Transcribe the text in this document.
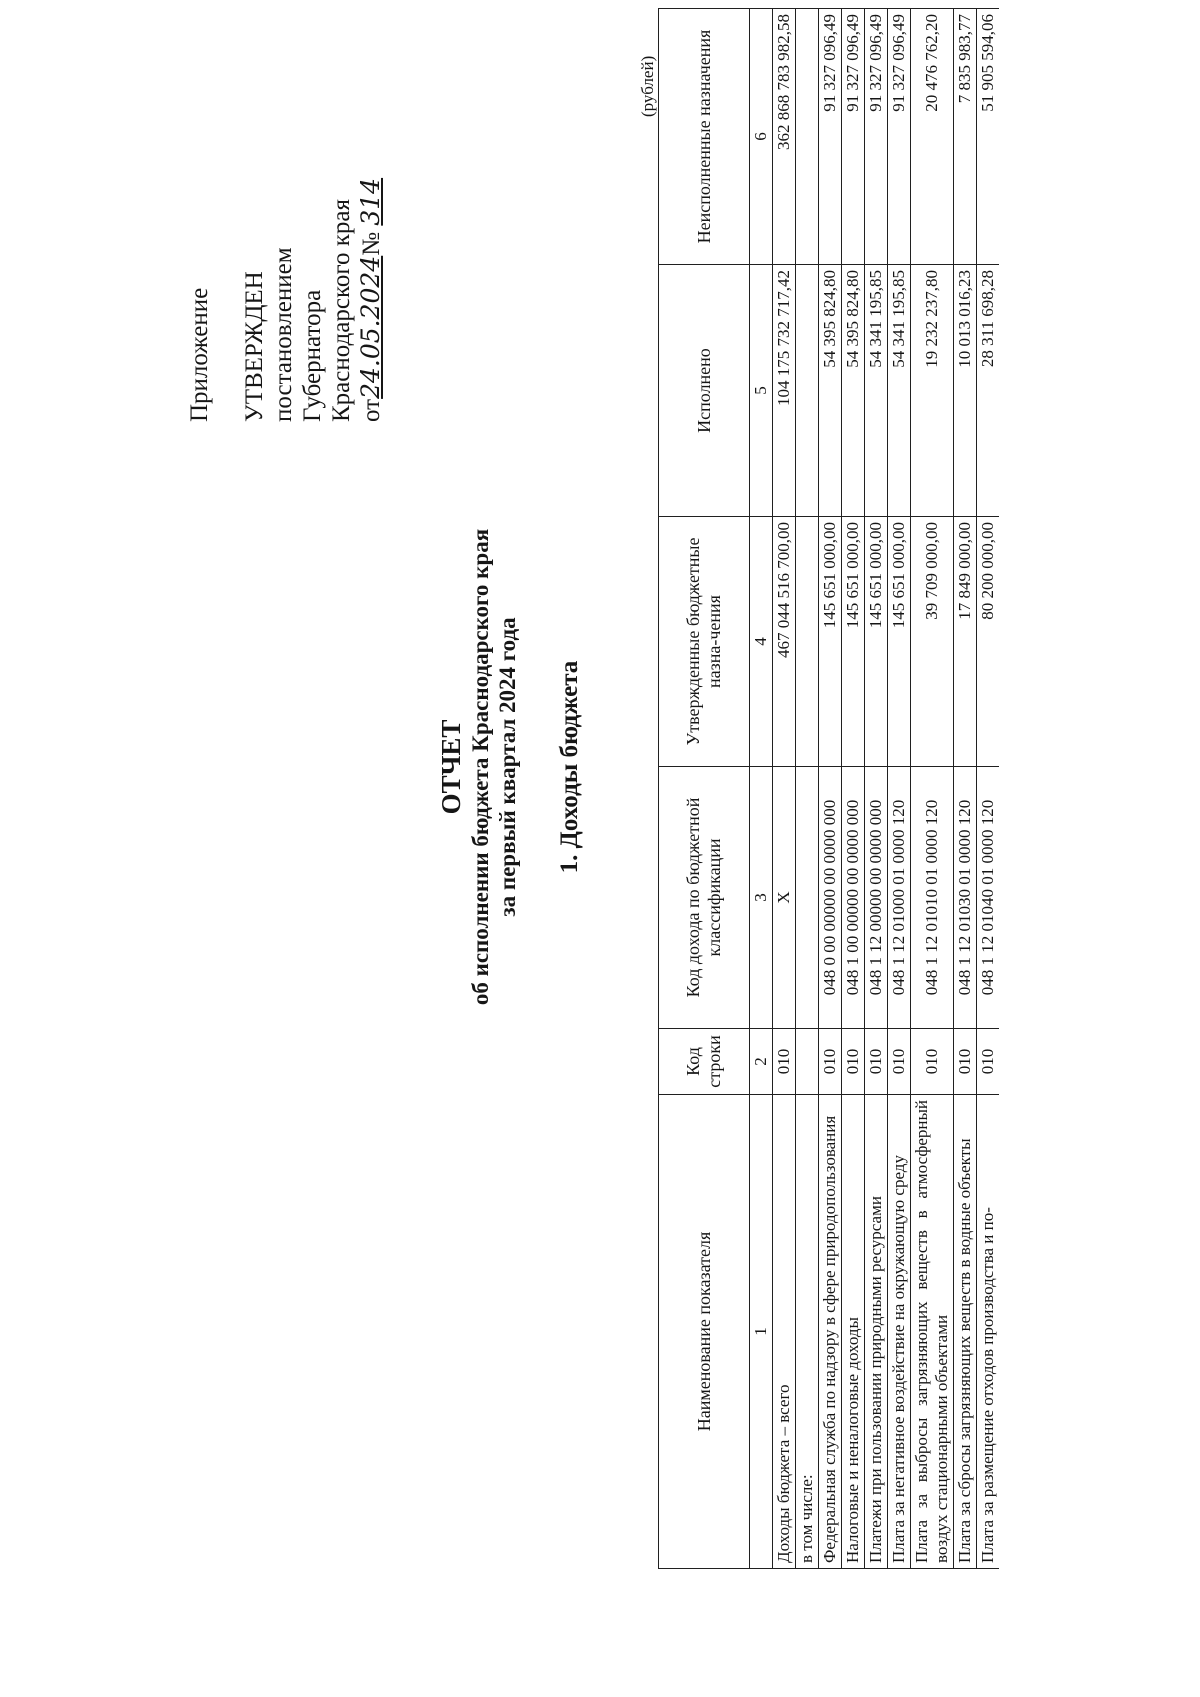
Приложение УТВЕРЖДЕН постановлением Губернатора Краснодарского края от24.05.2024№ 314
ОТЧЕТ об исполнении бюджета Краснодарского края за первый квартал 2024 года 1. Доходы бюджета
(рублей)
Наименование показателя	Код строки	Код дохода по бюджетной классификации	Утвержденные бюджетные назна-чения	Исполнено	Неисполненные назначения
1	2	3	4	5	6
Доходы бюджета – всего	010	X	467 044 516 700,00	104 175 732 717,42	362 868 783 982,58
в том числе:					
Федеральная служба по надзору в сфере природопользования	010	048 0 00 00000 00 0000 000	145 651 000,00	54 395 824,80	91 327 096,49
Налоговые и неналоговые доходы	010	048 1 00 00000 00 0000 000	145 651 000,00	54 395 824,80	91 327 096,49
Платежи при пользовании природными ресурсами	010	048 1 12 00000 00 0000 000	145 651 000,00	54 341 195,85	91 327 096,49
Плата за негативное воздействие на окружающую среду	010	048 1 12 01000 01 0000 120	145 651 000,00	54 341 195,85	91 327 096,49
Плата за выбросы загрязняющих веществ в атмосферный воздух стационарными объектами	010	048 1 12 01010 01 0000 120	39 709 000,00	19 232 237,80	20 476 762,20
Плата за сбросы загрязняющих веществ в водные объекты	010	048 1 12 01030 01 0000 120	17 849 000,00	10 013 016,23	7 835 983,77
Плата за размещение отходов производства и по-	010	048 1 12 01040 01 0000 120	80 200 000,00	28 311 698,28	51 905 594,06
